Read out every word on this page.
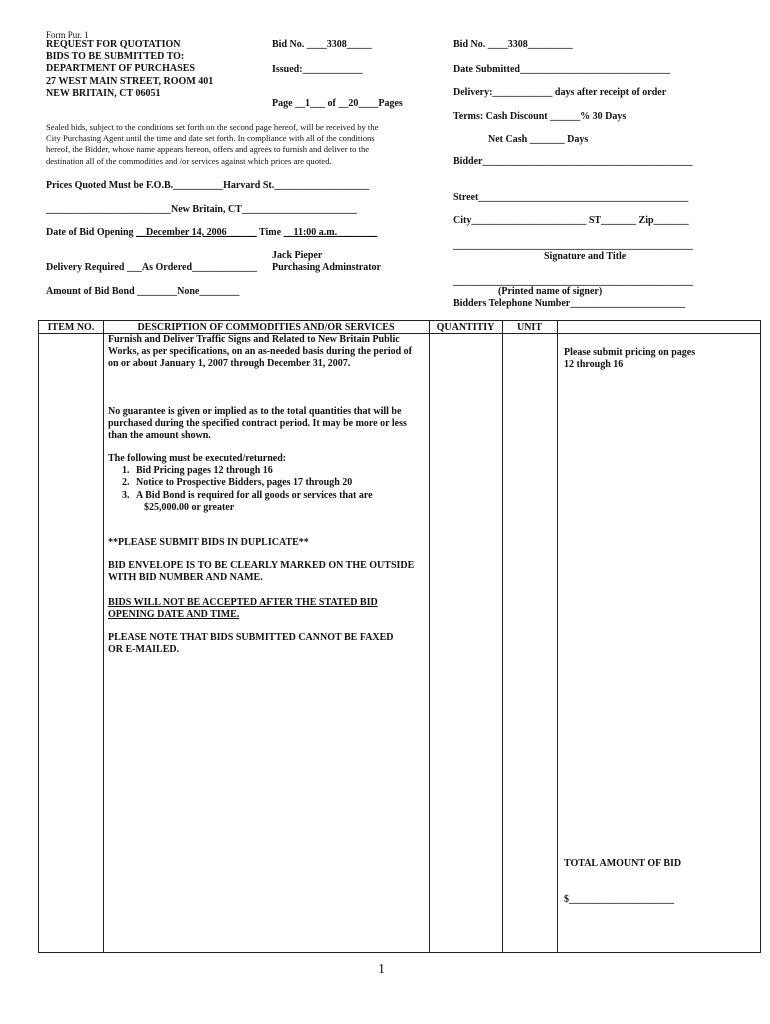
Form Pur. 1
REQUEST FOR QUOTATION
BIDS TO BE SUBMITTED TO:
DEPARTMENT OF PURCHASES
27 WEST MAIN STREET, ROOM 401
NEW BRITAIN, CT 06051
Bid No. ____3308_____
Issued:____________
Page __1___ of __20____Pages
Sealed bids, subject to the conditions set forth on the second page hereof, will be received by the
City Purchasing Agent until the time and date set forth. In compliance with all of the conditions
hereof, the Bidder, whose name appears hereon, offers and agrees to furnish and deliver to the
destination all of the commodities and /or services against which prices are quoted.
Prices Quoted Must be F.O.B.__________Harvard St.___________________
_________________________New Britain, CT_______________________
Date of Bid Opening __December 14, 2006______ Time __11:00 a.m.________
Jack Pieper
Delivery Required ___As Ordered_____________ Purchasing Adminstrator
Amount of Bid Bond ________None________
Bid No. ____3308_________
Date Submitted______________________________
Delivery:____________ days after receipt of order
Terms: Cash Discount ______% 30 Days
Net Cash _______ Days
Bidder__________________________________________
Street__________________________________________
City_______________________ ST_______ Zip_______
________________________________________________
Signature and Title
________________________________________________
(Printed name of signer)
Bidders Telephone Number_______________________
ITEM NO.	DESCRIPTION OF COMMODITIES AND/OR SERVICES	QUANTITIY	UNIT
Furnish and Deliver Traffic Signs and Related to New Britain Public
Works, as per specifications, on an as-needed basis during the period of
on or about January 1, 2007 through December 31, 2007.
No guarantee is given or implied as to the total quantities that will be
purchased during the specified contract period. It may be more or less
than the amount shown.
The following must be executed/returned:
1. Bid Pricing pages 12 through 16
2. Notice to Prospective Bidders, pages 17 through 20
3. A Bid Bond is required for all goods or services that are
$25,000.00 or greater
**PLEASE SUBMIT BIDS IN DUPLICATE**
BID ENVELOPE IS TO BE CLEARLY MARKED ON THE OUTSIDE
WITH BID NUMBER AND NAME.
BIDS WILL NOT BE ACCEPTED AFTER THE STATED BID
OPENING DATE AND TIME.
PLEASE NOTE THAT BIDS SUBMITTED CANNOT BE FAXED
OR E-MAILED.
Please submit pricing on pages
12 through 16
TOTAL AMOUNT OF BID
$_____________________
1
